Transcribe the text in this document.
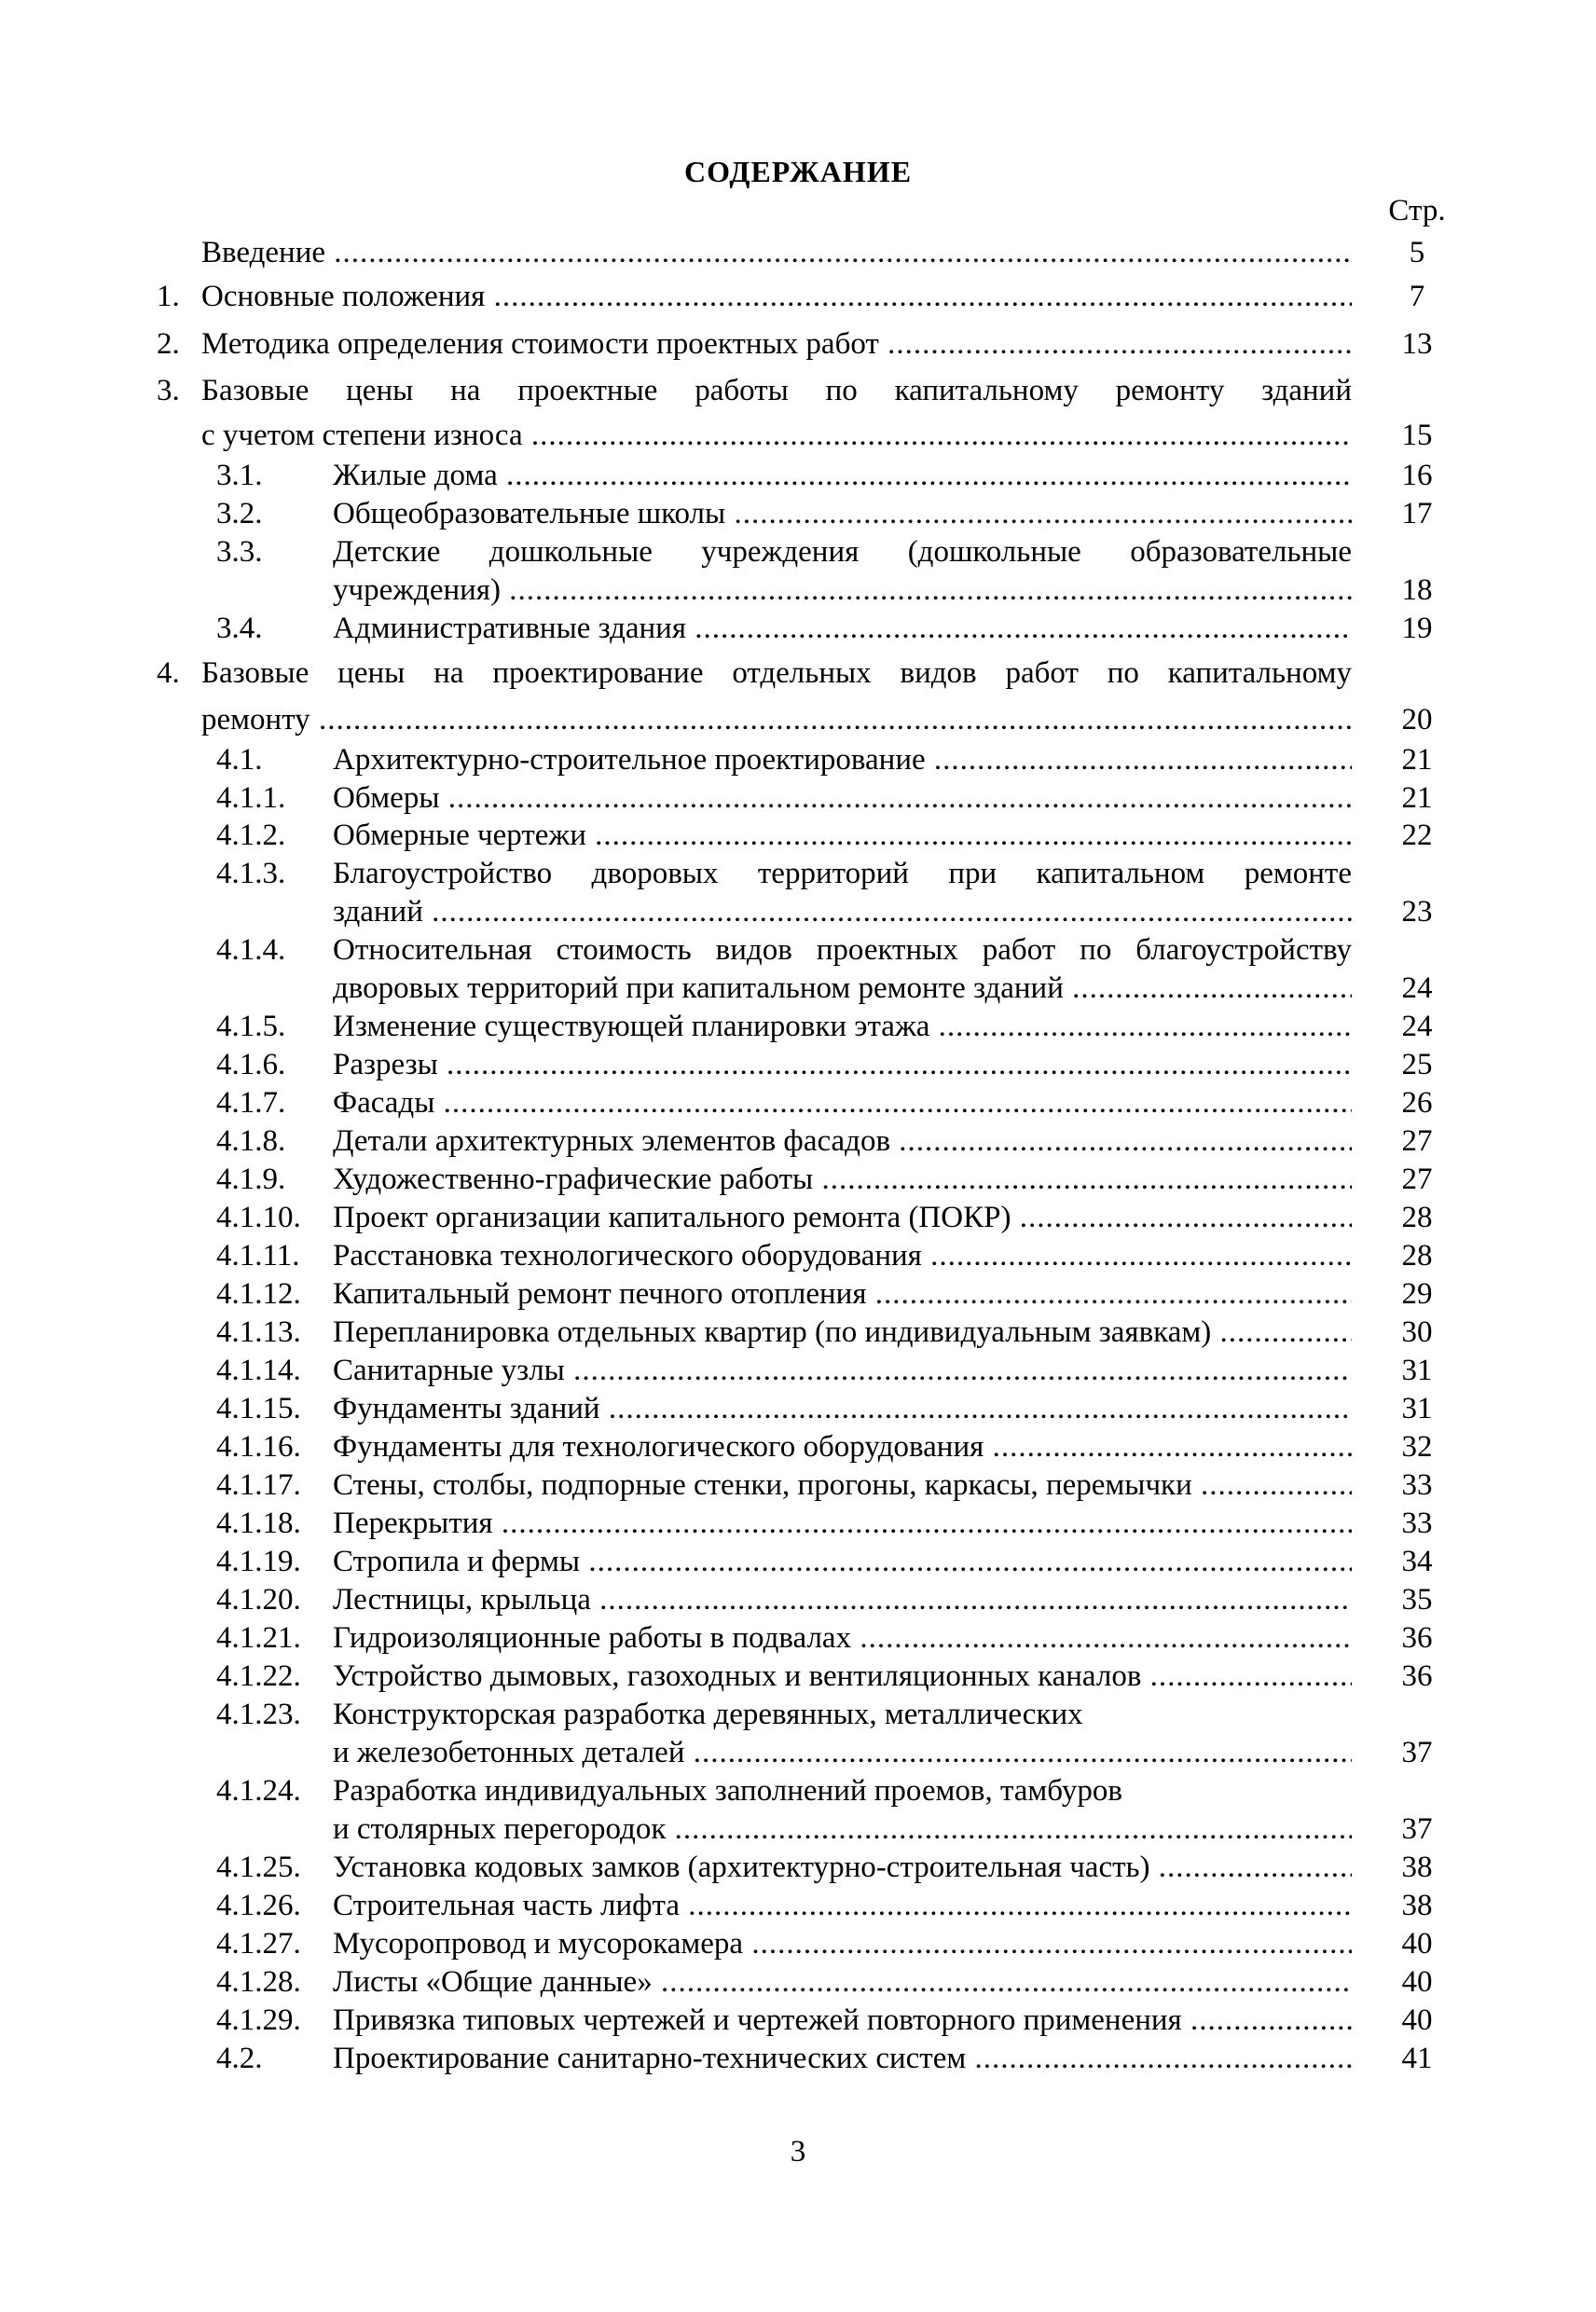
СОДЕРЖАНИЕ
Стр.
Введение .....	5
1. Основные положения .....	7
2. Методика определения стоимости проектных работ .....	13
3. Базовые цены на проектные работы по капитальному ремонту зданий
с учетом степени износа .....	15
3.1. Жилые дома .....	16
3.2. Общеобразовательные школы .....	17
3.3. Детские дошкольные учреждения (дошкольные образовательные
учреждения) .....	18
3.4. Административные здания .....	19
4. Базовые цены на проектирование отдельных видов работ по капитальному
ремонту .....	20
4.1. Архитектурно-строительное проектирование .....	21
4.1.1. Обмеры .....	21
4.1.2. Обмерные чертежи .....	22
4.1.3. Благоустройство дворовых территорий при капитальном ремонте
зданий .....	23
4.1.4. Относительная стоимость видов проектных работ по благоустройству
дворовых территорий при капитальном ремонте зданий .....	24
4.1.5. Изменение существующей планировки этажа .....	24
4.1.6. Разрезы .....	25
4.1.7. Фасады .....	26
4.1.8. Детали архитектурных элементов фасадов .....	27
4.1.9. Художественно-графические работы .....	27
4.1.10. Проект организации капитального ремонта (ПОКР) .....	28
4.1.11. Расстановка технологического оборудования .....	28
4.1.12. Капитальный ремонт печного отопления .....	29
4.1.13. Перепланировка отдельных квартир (по индивидуальным заявкам) .....	30
4.1.14. Санитарные узлы .....	31
4.1.15. Фундаменты зданий .....	31
4.1.16. Фундаменты для технологического оборудования .....	32
4.1.17. Стены, столбы, подпорные стенки, прогоны, каркасы, перемычки .....	33
4.1.18. Перекрытия .....	33
4.1.19. Стропила и фермы .....	34
4.1.20. Лестницы, крыльца .....	35
4.1.21. Гидроизоляционные работы в подвалах .....	36
4.1.22. Устройство дымовых, газоходных и вентиляционных каналов .....	36
4.1.23. Конструкторская разработка деревянных, металлических
и железобетонных деталей .....	37
4.1.24. Разработка индивидуальных заполнений проемов, тамбуров
и столярных перегородок .....	37
4.1.25. Установка кодовых замков (архитектурно-строительная часть) .....	38
4.1.26. Строительная часть лифта .....	38
4.1.27. Мусоропровод и мусорокамера .....	40
4.1.28. Листы «Общие данные» .....	40
4.1.29. Привязка типовых чертежей и чертежей повторного применения .....	40
4.2. Проектирование санитарно-технических систем .....	41
3
